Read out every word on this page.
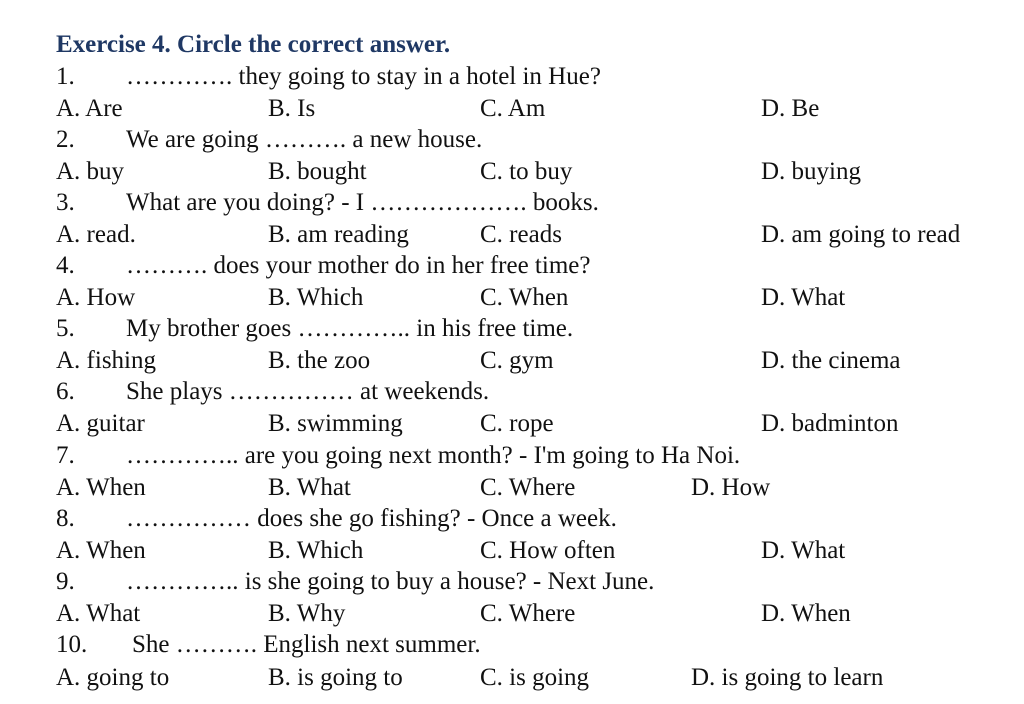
Exercise 4. Circle the correct answer.
1. …………. they going to stay in a hotel in Hue?
A. Are	B. Is	C. Am	D. Be
2. We are going ………. a new house.
A. buy	B. bought	C. to buy	D. buying
3. What are you doing? - I ………………. books.
A. read.	B. am reading	C. reads	D. am going to read
4. ………. does your mother do in her free time?
A. How	B. Which	C. When	D. What
5. My brother goes ………….. in his free time.
A. fishing	B. the zoo	C. gym	D. the cinema
6. She plays …………… at weekends.
A. guitar	B. swimming	C. rope	D. badminton
7. ………….. are you going next month? - I'm going to Ha Noi.
A. When	B. What	C. Where	D. How
8. …………… does she go fishing? - Once a week.
A. When	B. Which	C. How often	D. What
9. ………….. is she going to buy a house? - Next June.
A. What	B. Why	C. Where	D. When
10. She ………. English next summer.
A. going to	B. is going to	C. is going	D. is going to learn
